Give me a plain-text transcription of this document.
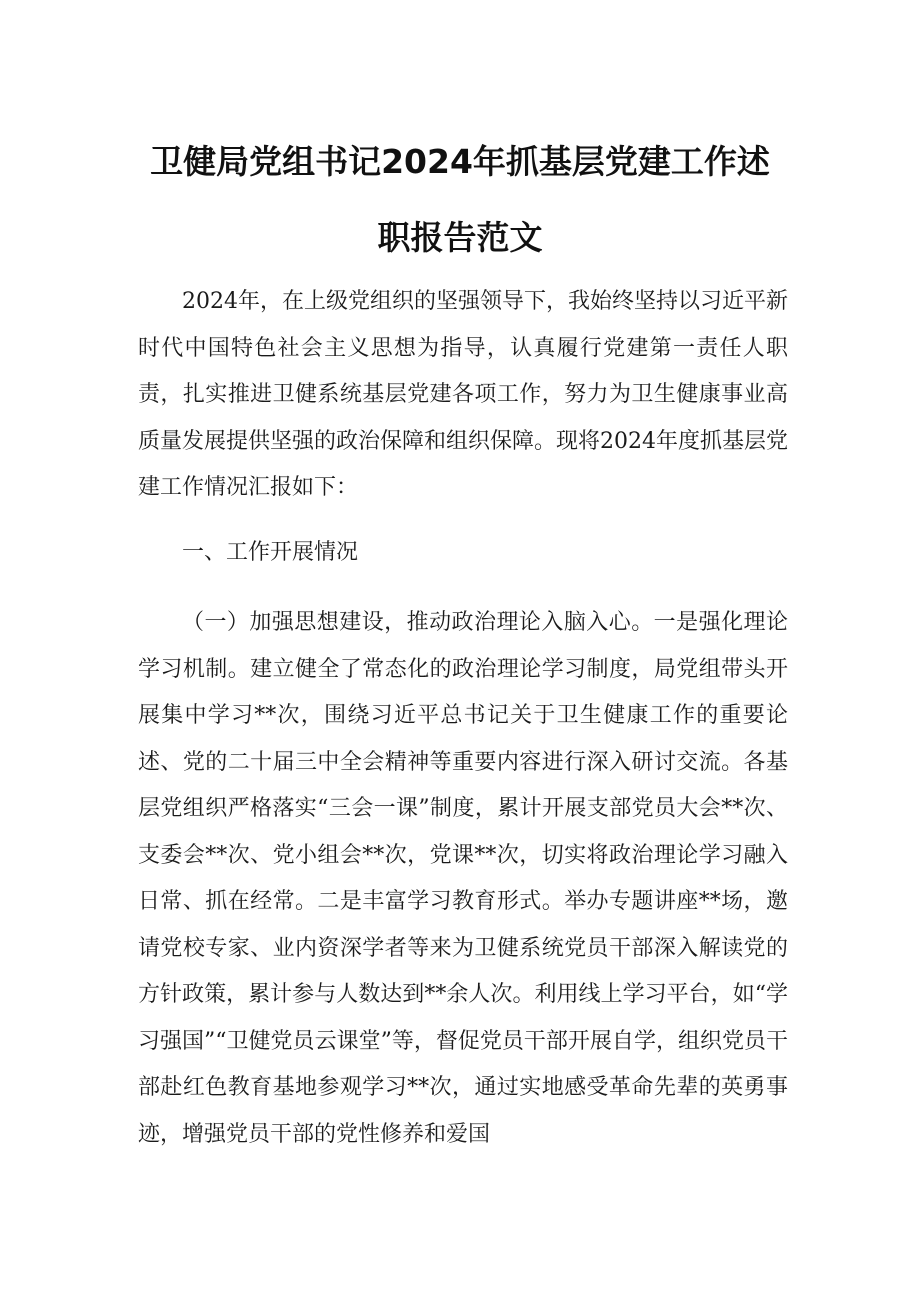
卫健局党组书记2024年抓基层党建工作述
职报告范文

2024年，在上级党组织的坚强领导下，我始终坚持以习近平新时代中国特色社会主义思想为指导，认真履行党建第一责任人职责，扎实推进卫健系统基层党建各项工作，努力为卫生健康事业高质量发展提供坚强的政治保障和组织保障。现将2024年度抓基层党建工作情况汇报如下：

一、工作开展情况

（一）加强思想建设，推动政治理论入脑入心。一是强化理论学习机制。建立健全了常态化的政治理论学习制度，局党组带头开展集中学习**次，围绕习近平总书记关于卫生健康工作的重要论述、党的二十届三中全会精神等重要内容进行深入研讨交流。各基层党组织严格落实“三会一课”制度，累计开展支部党员大会**次、支委会**次、党小组会**次，党课**次，切实将政治理论学习融入日常、抓在经常。二是丰富学习教育形式。举办专题讲座**场，邀请党校专家、业内资深学者等来为卫健系统党员干部深入解读党的方针政策，累计参与人数达到**余人次。利用线上学习平台，如“学习强国”“卫健党员云课堂”等，督促党员干部开展自学，组织党员干部赴红色教育基地参观学习**次，通过实地感受革命先辈的英勇事迹，增强党员干部的党性修养和爱国
